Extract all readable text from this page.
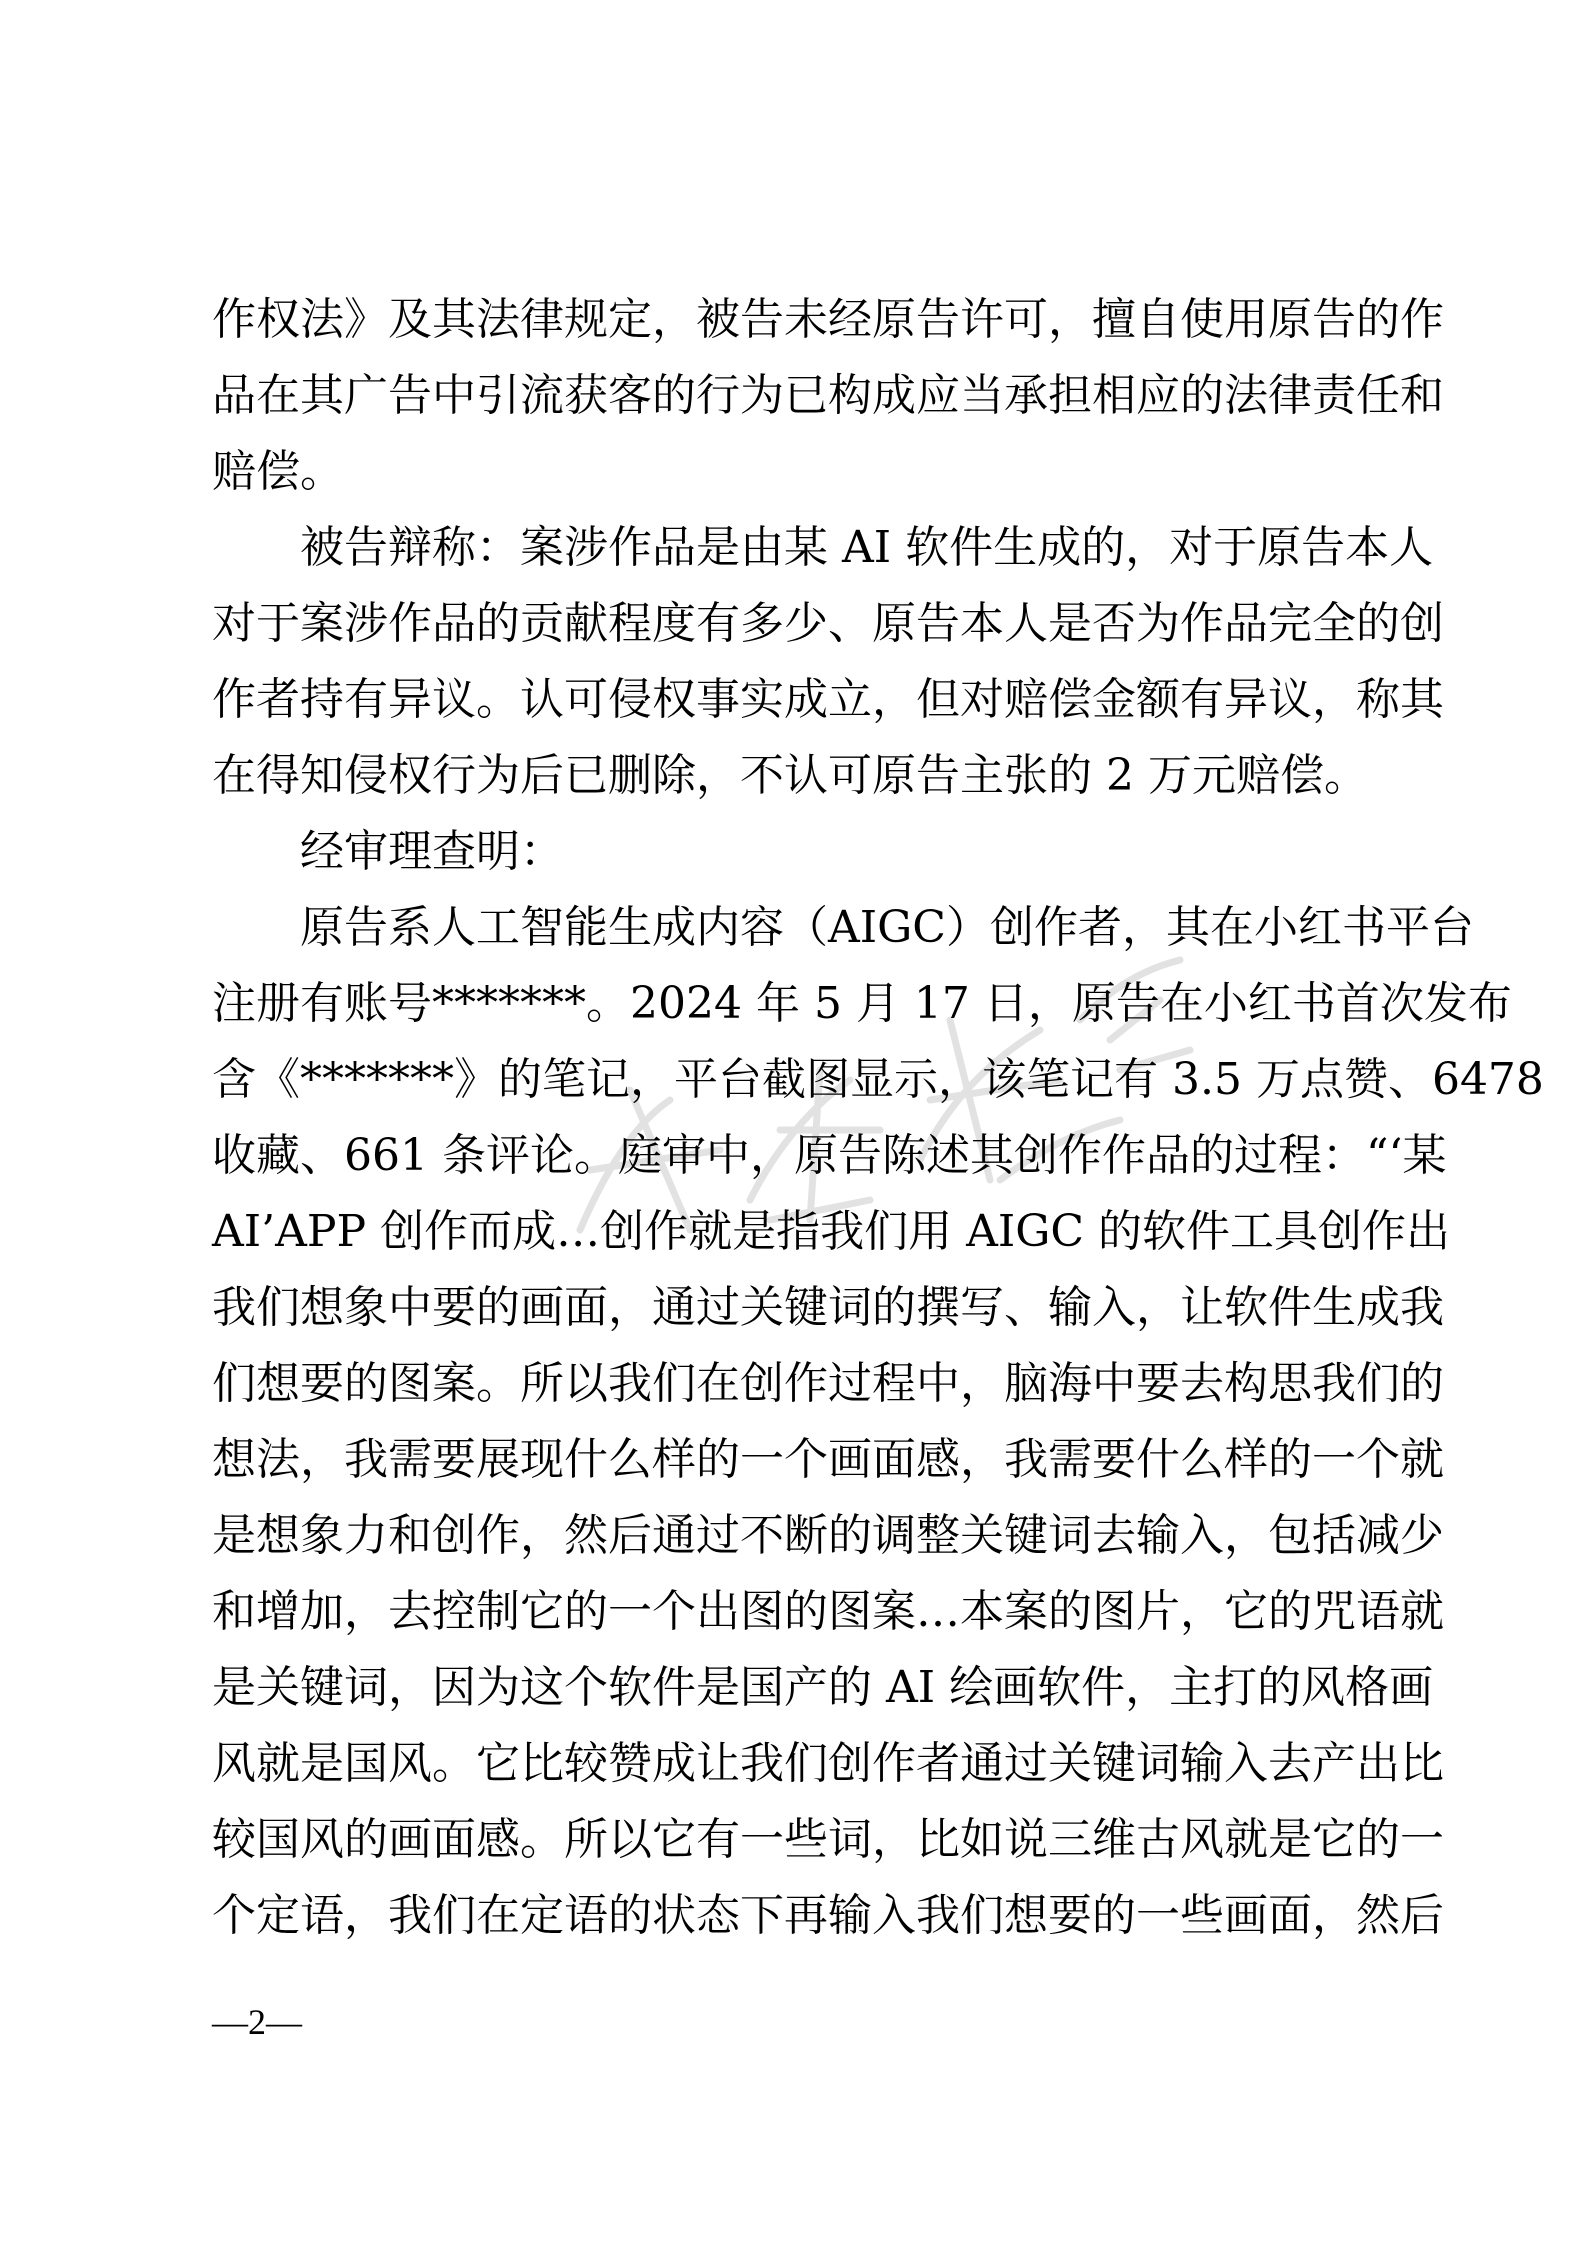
作权法》及其法律规定，被告未经原告许可，擅自使用原告的作
品在其广告中引流获客的行为已构成应当承担相应的法律责任和
赔偿。
被告辩称：案涉作品是由某 AI 软件生成的，对于原告本人
对于案涉作品的贡献程度有多少、原告本人是否为作品完全的创
作者持有异议。认可侵权事实成立，但对赔偿金额有异议，称其
在得知侵权行为后已删除，不认可原告主张的 2 万元赔偿。
经审理查明：
原告系人工智能生成内容（AIGC）创作者，其在小红书平台
注册有账号*******。2024 年 5 月 17 日，原告在小红书首次发布
含《*******》的笔记，平台截图显示，该笔记有 3.5 万点赞、6478
收藏、661 条评论。庭审中，原告陈述其创作作品的过程：“‘某
AI’APP 创作而成…创作就是指我们用 AIGC 的软件工具创作出
我们想象中要的画面，通过关键词的撰写、输入，让软件生成我
们想要的图案。所以我们在创作过程中，脑海中要去构思我们的
想法，我需要展现什么样的一个画面感，我需要什么样的一个就
是想象力和创作，然后通过不断的调整关键词去输入，包括减少
和增加，去控制它的一个出图的图案…本案的图片，它的咒语就
是关键词，因为这个软件是国产的 AI 绘画软件，主打的风格画
风就是国风。它比较赞成让我们创作者通过关键词输入去产出比
较国风的画面感。所以它有一些词，比如说三维古风就是它的一
个定语，我们在定语的状态下再输入我们想要的一些画面，然后
—2—
